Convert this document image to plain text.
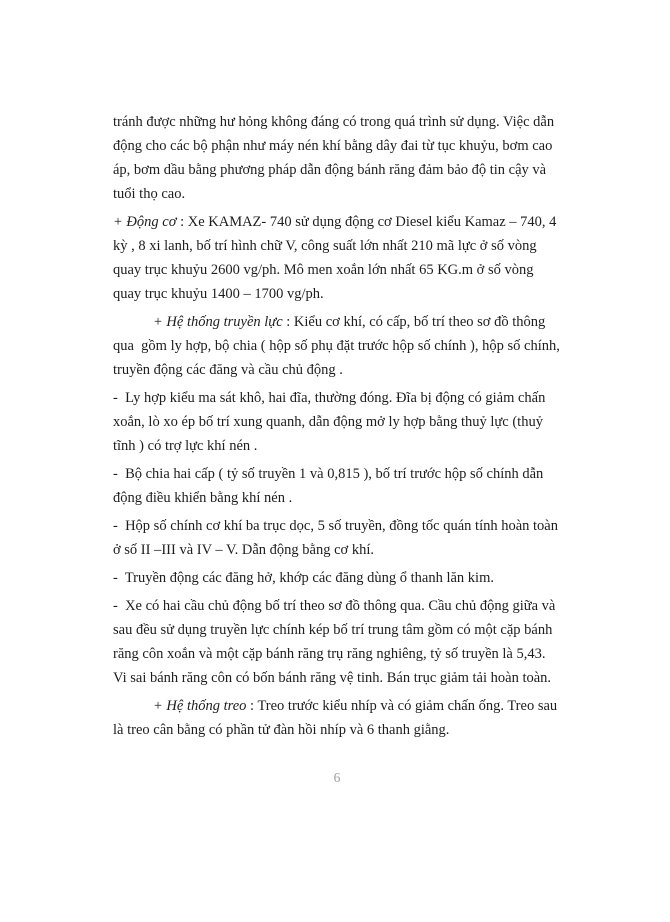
tránh được những hư hỏng không đáng có trong quá trình sử dụng. Việc dẫn động cho các bộ phận như máy nén khí bằng dây đai từ tục khuỷu, bơm cao áp, bơm dầu bằng phương pháp dẫn động bánh răng đảm bảo độ tin cậy và tuổi thọ cao.

+ Động cơ : Xe KAMAZ- 740 sử dụng động cơ Diesel kiểu Kamaz – 740, 4 kỳ , 8 xi lanh, bố trí hình chữ V, công suất lớn nhất 210 mã lực ở số vòng quay trục khuỷu 2600 vg/ph. Mô men xoắn lớn nhất 65 KG.m ở số vòng quay trục khuỷu 1400 – 1700 vg/ph.

+ Hệ thống truyền lực : Kiểu cơ khí, có cấp, bố trí theo sơ đồ thông qua  gồm ly hợp, bộ chia ( hộp số phụ đặt trước hộp số chính ), hộp số chính, truyền động các đăng và cầu chủ động .

-  Ly hợp kiểu ma sát khô, hai đĩa, thường đóng. Đĩa bị động có giảm chấn xoắn, lò xo ép bố trí xung quanh, dẫn động mở ly hợp bằng thuỷ lực (thuỷ tĩnh ) có trợ lực khí nén .

-  Bộ chia hai cấp ( tỷ số truyền 1 và 0,815 ), bố trí trước hộp số chính dẫn động điều khiển bằng khí nén .

-  Hộp số chính cơ khí ba trục dọc, 5 số truyền, đồng tốc quán tính hoàn toàn ở số II –III và IV – V. Dẫn động bằng cơ khí.

-  Truyền động các đăng hở, khớp các đăng dùng ổ thanh lăn kim.

-  Xe có hai cầu chủ động bố trí theo sơ đồ thông qua. Cầu chủ động giữa và sau đều sử dụng truyền lực chính kép bố trí trung tâm gồm có một cặp bánh răng côn xoắn và một cặp bánh răng trụ răng nghiêng, tỷ số truyền là 5,43. Vi sai bánh răng côn có bốn bánh răng vệ tinh. Bán trục giảm tải hoàn toàn.

+ Hệ thống treo : Treo trước kiểu nhíp và có giảm chấn ống. Treo sau là treo cân bằng có phần tử đàn hồi nhíp và 6 thanh giằng.

6
